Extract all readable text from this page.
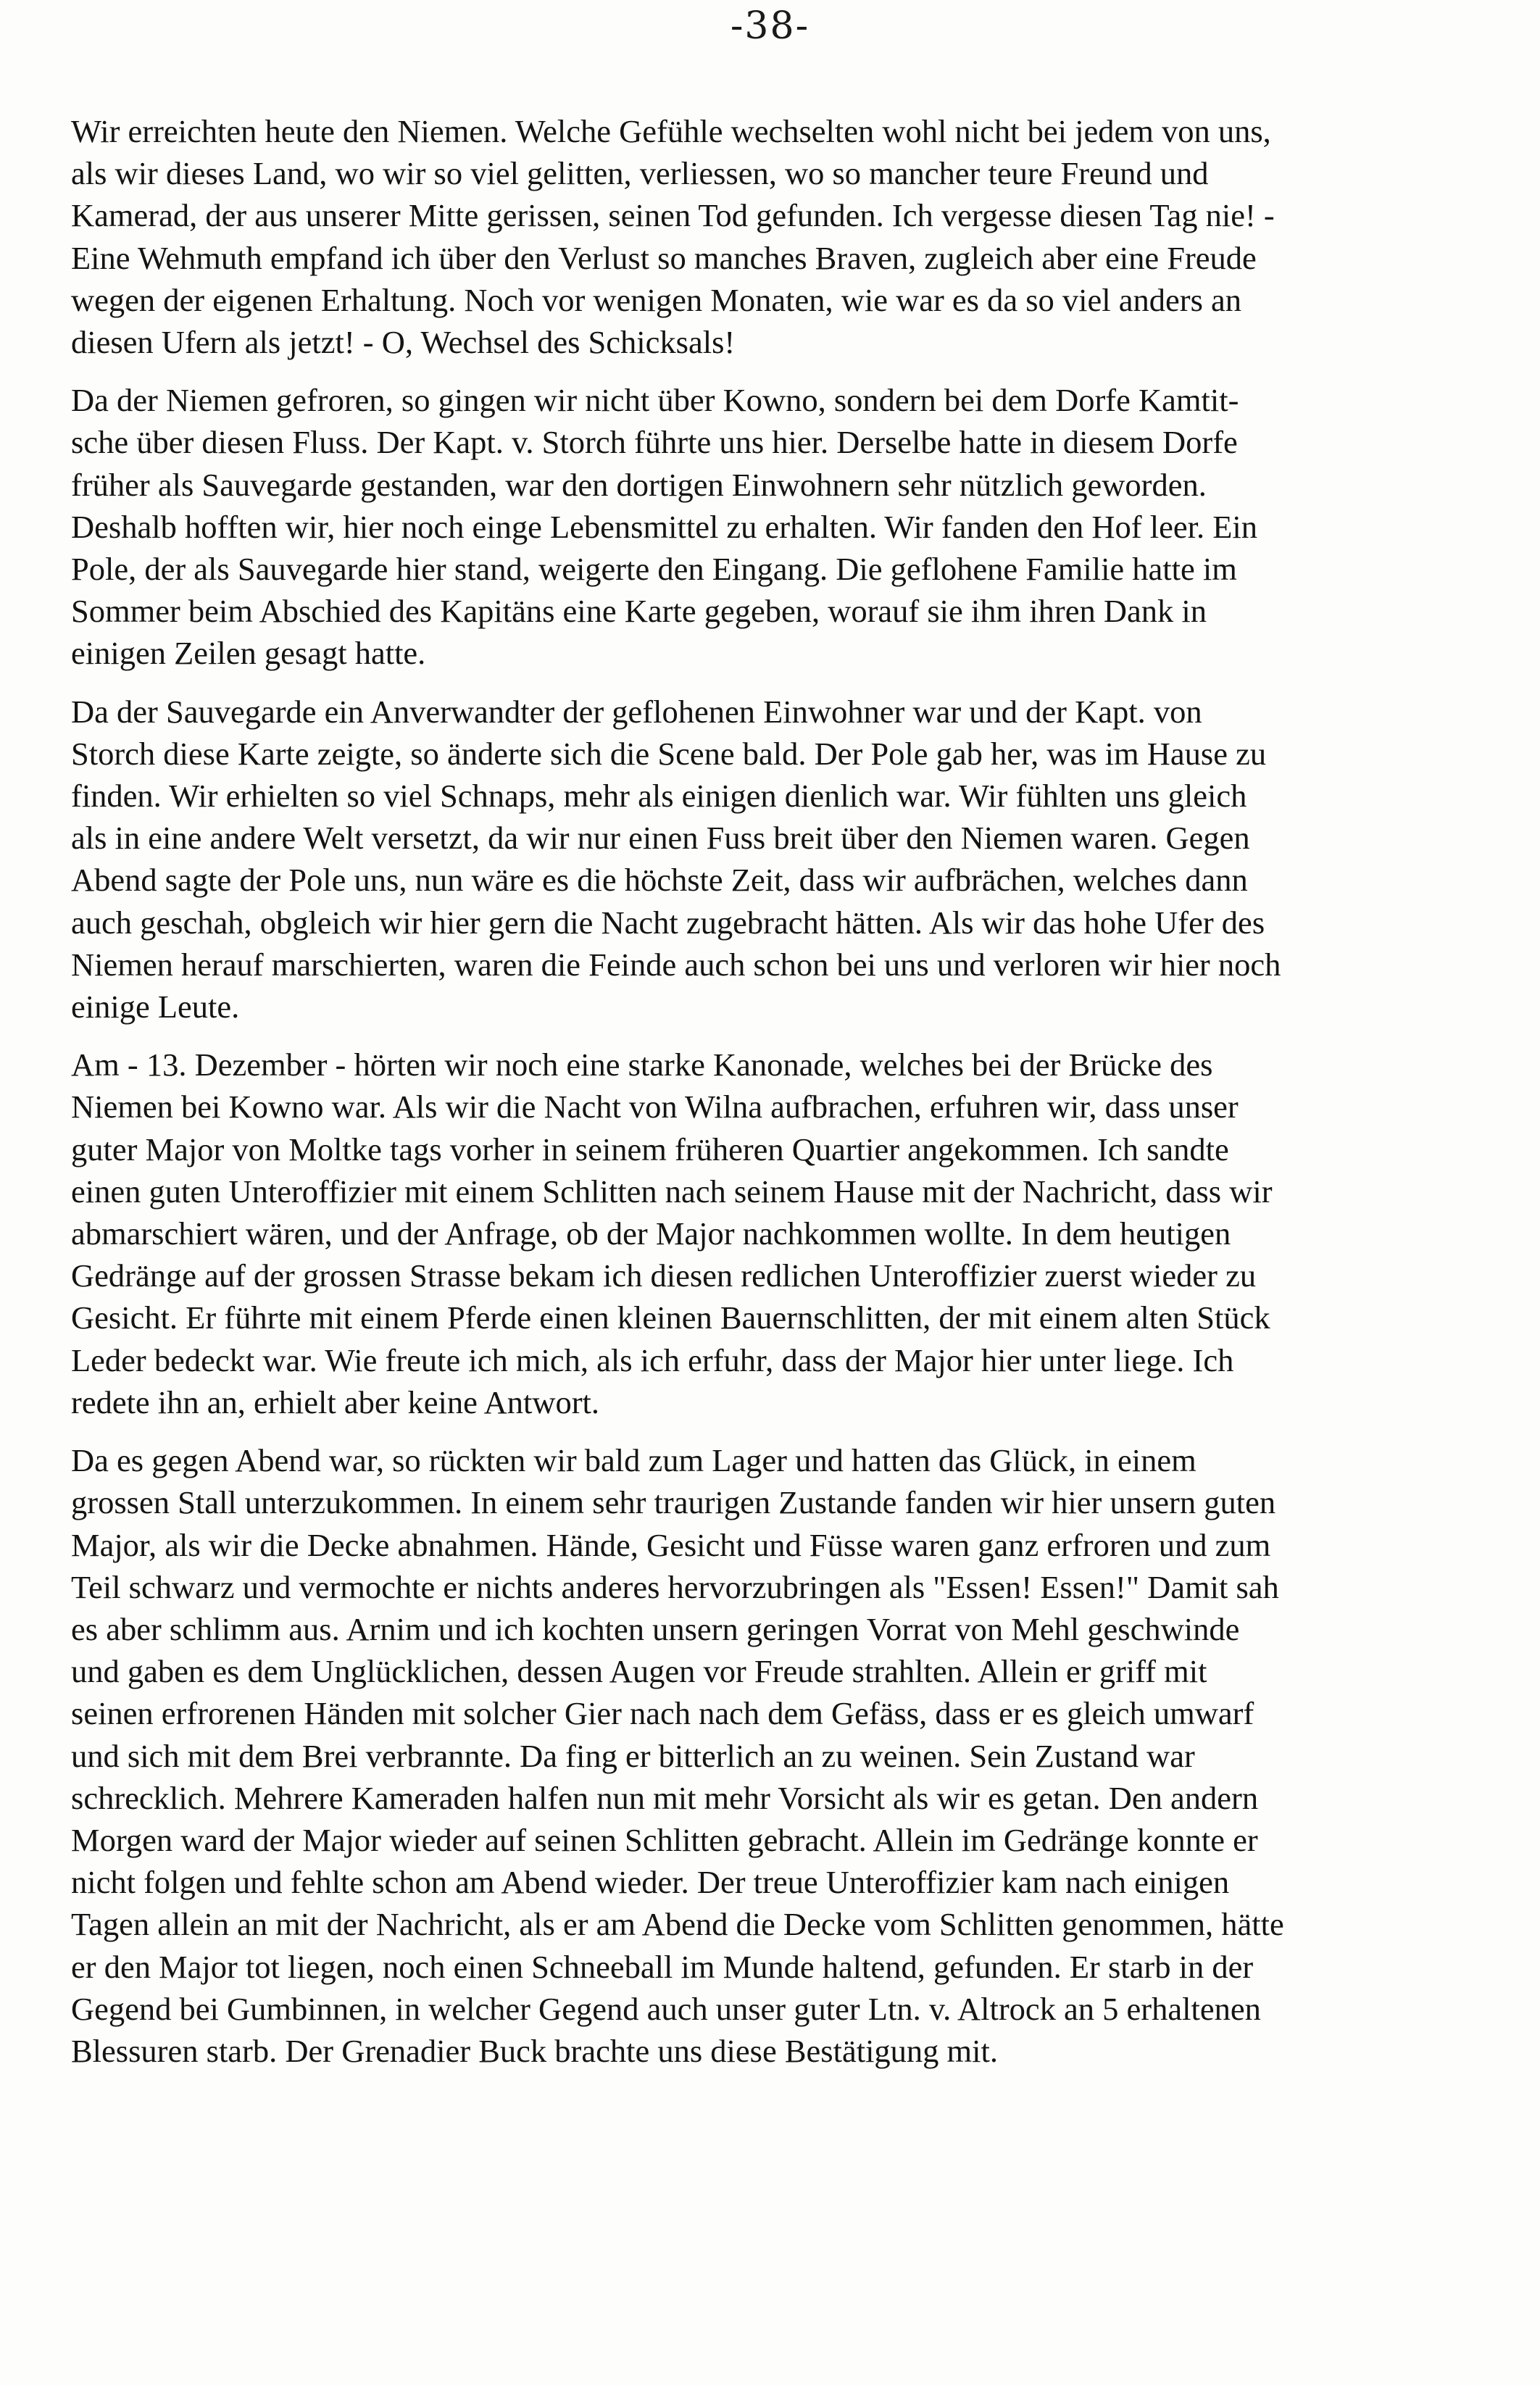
-38-
Wir erreichten heute den Niemen. Welche Gefühle wechselten wohl nicht bei jedem von uns,
als wir dieses Land, wo wir so viel gelitten, verliessen, wo so mancher teure Freund und
Kamerad, der aus unserer Mitte gerissen, seinen Tod gefunden. Ich vergesse diesen Tag nie! -
Eine Wehmuth empfand ich über den Verlust so manches Braven, zugleich aber eine Freude
wegen der eigenen Erhaltung. Noch vor wenigen Monaten, wie war es da so viel anders an
diesen Ufern als jetzt! - O, Wechsel des Schicksals!
Da der Niemen gefroren, so gingen wir nicht über Kowno, sondern bei dem Dorfe Kamtit-
sche über diesen Fluss. Der Kapt. v. Storch führte uns hier. Derselbe hatte in diesem Dorfe
früher als Sauvegarde gestanden, war den dortigen Einwohnern sehr nützlich geworden.
Deshalb hofften wir, hier noch einge Lebensmittel zu erhalten. Wir fanden den Hof leer. Ein
Pole, der als Sauvegarde hier stand, weigerte den Eingang. Die geflohene Familie hatte im
Sommer beim Abschied des Kapitäns eine Karte gegeben, worauf sie ihm ihren Dank in
einigen Zeilen gesagt hatte.
Da der Sauvegarde ein Anverwandter der geflohenen Einwohner war und der Kapt. von
Storch diese Karte zeigte, so änderte sich die Scene bald. Der Pole gab her, was im Hause zu
finden. Wir erhielten so viel Schnaps, mehr als einigen dienlich war. Wir fühlten uns gleich
als in eine andere Welt versetzt, da wir nur einen Fuss breit über den Niemen waren. Gegen
Abend sagte der Pole uns, nun wäre es die höchste Zeit, dass wir aufbrächen, welches dann
auch geschah, obgleich wir hier gern die Nacht zugebracht hätten. Als wir das hohe Ufer des
Niemen herauf marschierten, waren die Feinde auch schon bei uns und verloren wir hier noch
einige Leute.
Am - 13. Dezember - hörten wir noch eine starke Kanonade, welches bei der Brücke des
Niemen bei Kowno war. Als wir die Nacht von Wilna aufbrachen, erfuhren wir, dass unser
guter Major von Moltke tags vorher in seinem früheren Quartier angekommen. Ich sandte
einen guten Unteroffizier mit einem Schlitten nach seinem Hause mit der Nachricht, dass wir
abmarschiert wären, und der Anfrage, ob der Major nachkommen wollte. In dem heutigen
Gedränge auf der grossen Strasse bekam ich diesen redlichen Unteroffizier zuerst wieder zu
Gesicht. Er führte mit einem Pferde einen kleinen Bauernschlitten, der mit einem alten Stück
Leder bedeckt war. Wie freute ich mich, als ich erfuhr, dass der Major hier unter liege. Ich
redete ihn an, erhielt aber keine Antwort.
Da es gegen Abend war, so rückten wir bald zum Lager und hatten das Glück, in einem
grossen Stall unterzukommen. In einem sehr traurigen Zustande fanden wir hier unsern guten
Major, als wir die Decke abnahmen. Hände, Gesicht und Füsse waren ganz erfroren und zum
Teil schwarz und vermochte er nichts anderes hervorzubringen als "Essen! Essen!" Damit sah
es aber schlimm aus. Arnim und ich kochten unsern geringen Vorrat von Mehl geschwinde
und gaben es dem Unglücklichen, dessen Augen vor Freude strahlten. Allein er griff mit
seinen erfrorenen Händen mit solcher Gier nach nach dem Gefäss, dass er es gleich umwarf
und sich mit dem Brei verbrannte. Da fing er bitterlich an zu weinen. Sein Zustand war
schrecklich. Mehrere Kameraden halfen nun mit mehr Vorsicht als wir es getan. Den andern
Morgen ward der Major wieder auf seinen Schlitten gebracht. Allein im Gedränge konnte er
nicht folgen und fehlte schon am Abend wieder. Der treue Unteroffizier kam nach einigen
Tagen allein an mit der Nachricht, als er am Abend die Decke vom Schlitten genommen, hätte
er den Major tot liegen, noch einen Schneeball im Munde haltend, gefunden. Er starb in der
Gegend bei Gumbinnen, in welcher Gegend auch unser guter Ltn. v. Altrock an 5 erhaltenen
Blessuren starb. Der Grenadier Buck brachte uns diese Bestätigung mit.
